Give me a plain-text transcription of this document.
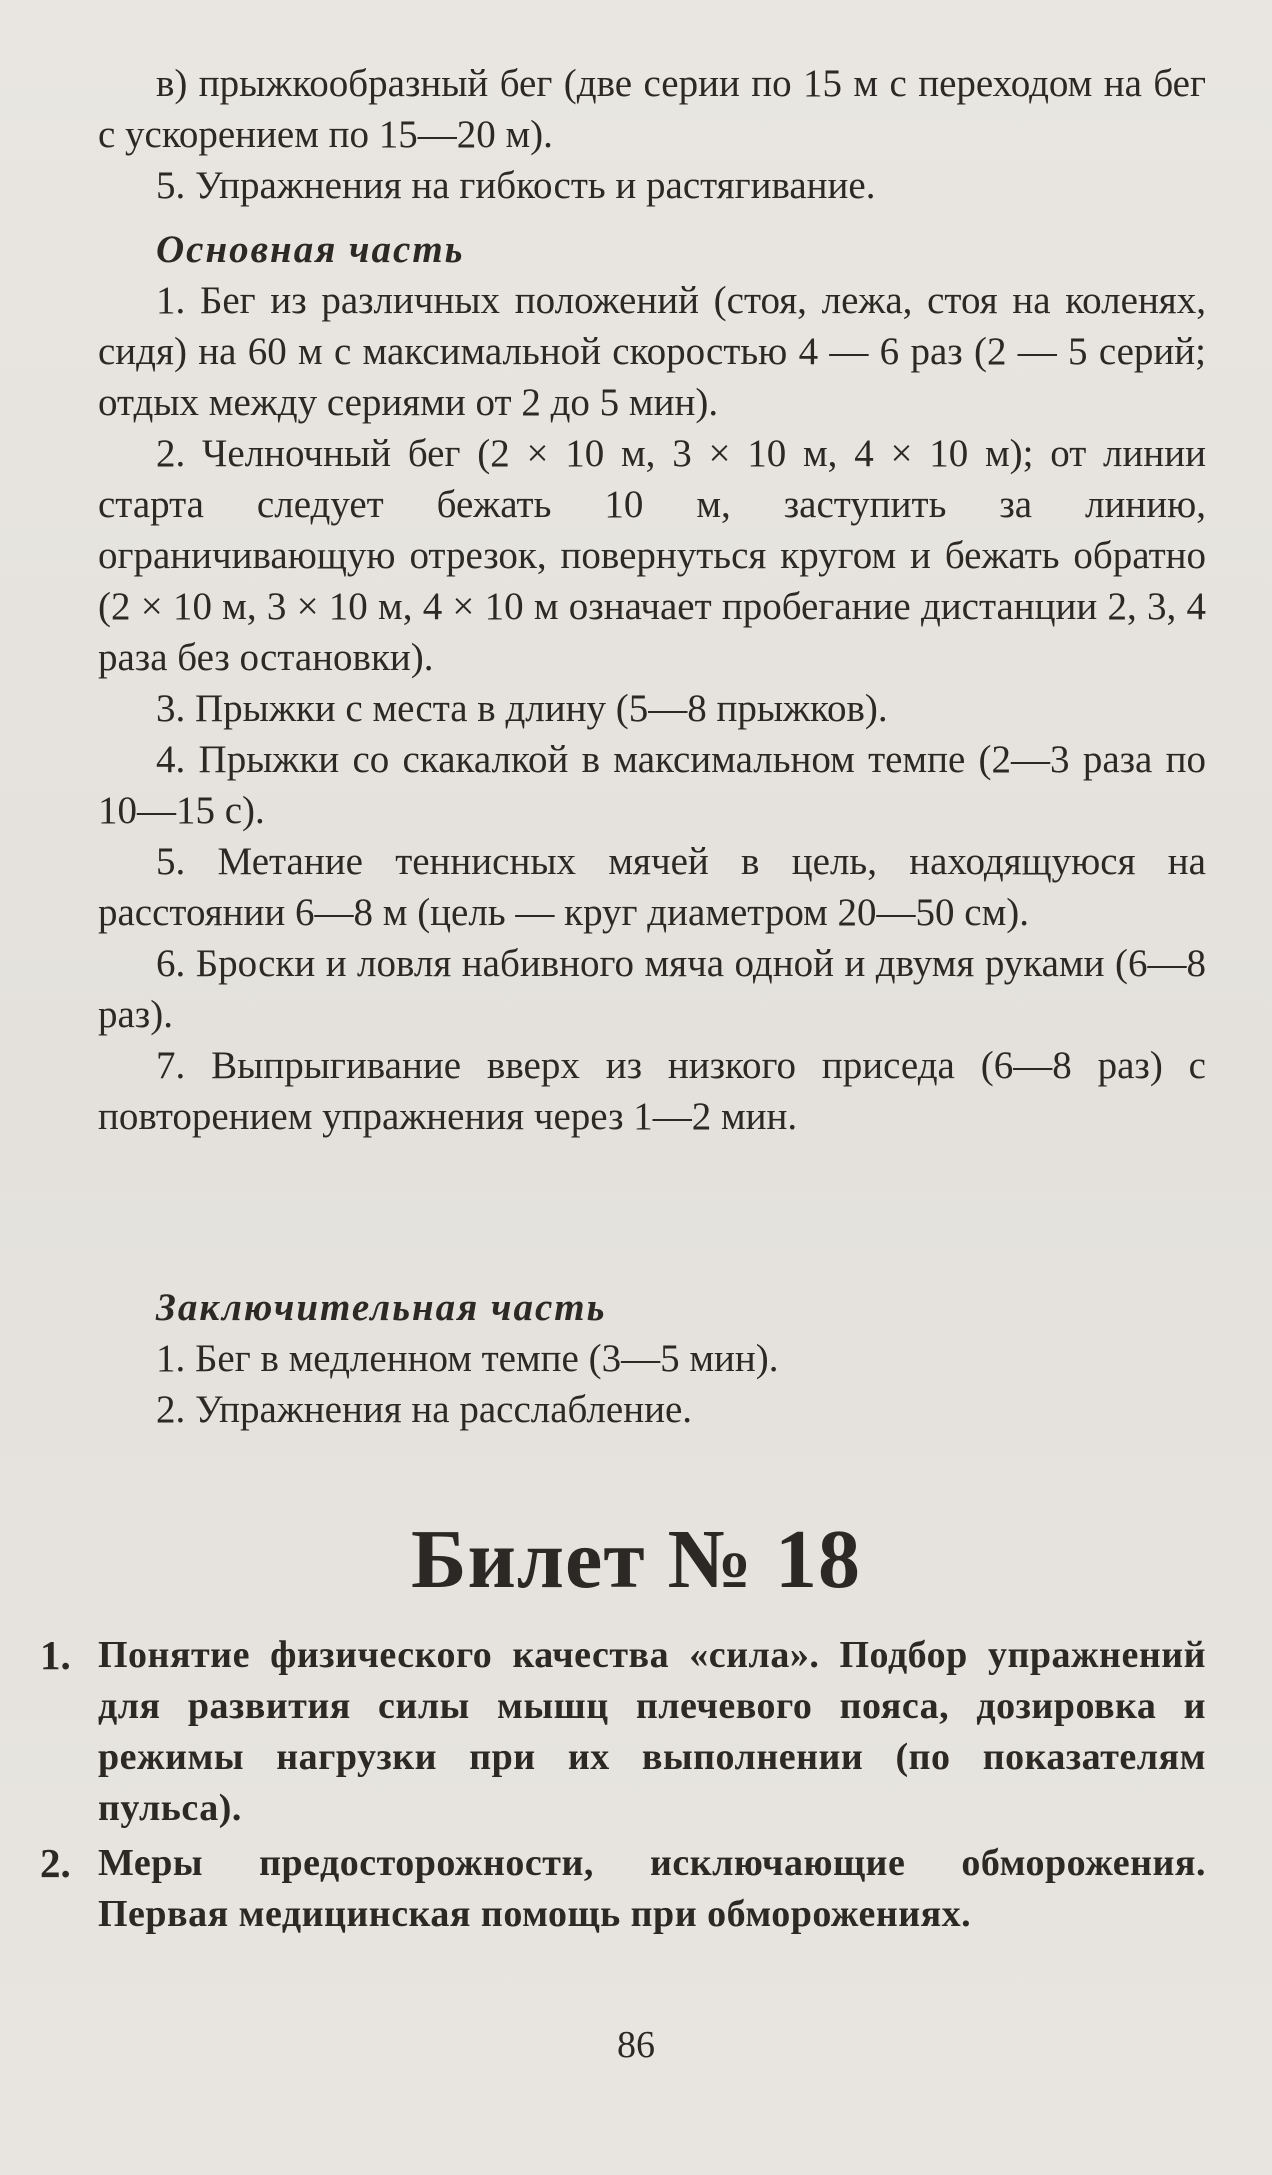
в) прыжкообразный бег (две серии по 15 м с переходом на бег с ускорением по 15—20 м).

5. Упражнения на гибкость и растягивание.

Основная часть

1. Бег из различных положений (стоя, лежа, стоя на коленях, сидя) на 60 м с максимальной скоростью 4 — 6 раз (2 — 5 серий; отдых между сериями от 2 до 5 мин).

2. Челночный бег (2 × 10 м, 3 × 10 м, 4 × 10 м); от линии старта следует бежать 10 м, заступить за линию, ограничивающую отрезок, повернуться кругом и бежать обратно (2 × 10 м, 3 × 10 м, 4 × 10 м означает пробегание дистанции 2, 3, 4 раза без остановки).

3. Прыжки с места в длину (5—8 прыжков).

4. Прыжки со скакалкой в максимальном темпе (2—3 раза по 10—15 с).

5. Метание теннисных мячей в цель, находящуюся на расстоянии 6—8 м (цель — круг диаметром 20—50 см).

6. Броски и ловля набивного мяча одной и двумя руками (6—8 раз).

7. Выпрыгивание вверх из низкого приседа (6—8 раз) с повторением упражнения через 1—2 мин.

Заключительная часть

1. Бег в медленном темпе (3—5 мин).

2. Упражнения на расслабление.

Билет № 18
1. Понятие физического качества «сила». Подбор упражнений для развития силы мышц плечевого пояса, дозировка и режимы нагрузки при их выполнении (по показателям пульса).

2. Меры предосторожности, исключающие обморожения. Первая медицинская помощь при обморожениях.

86
